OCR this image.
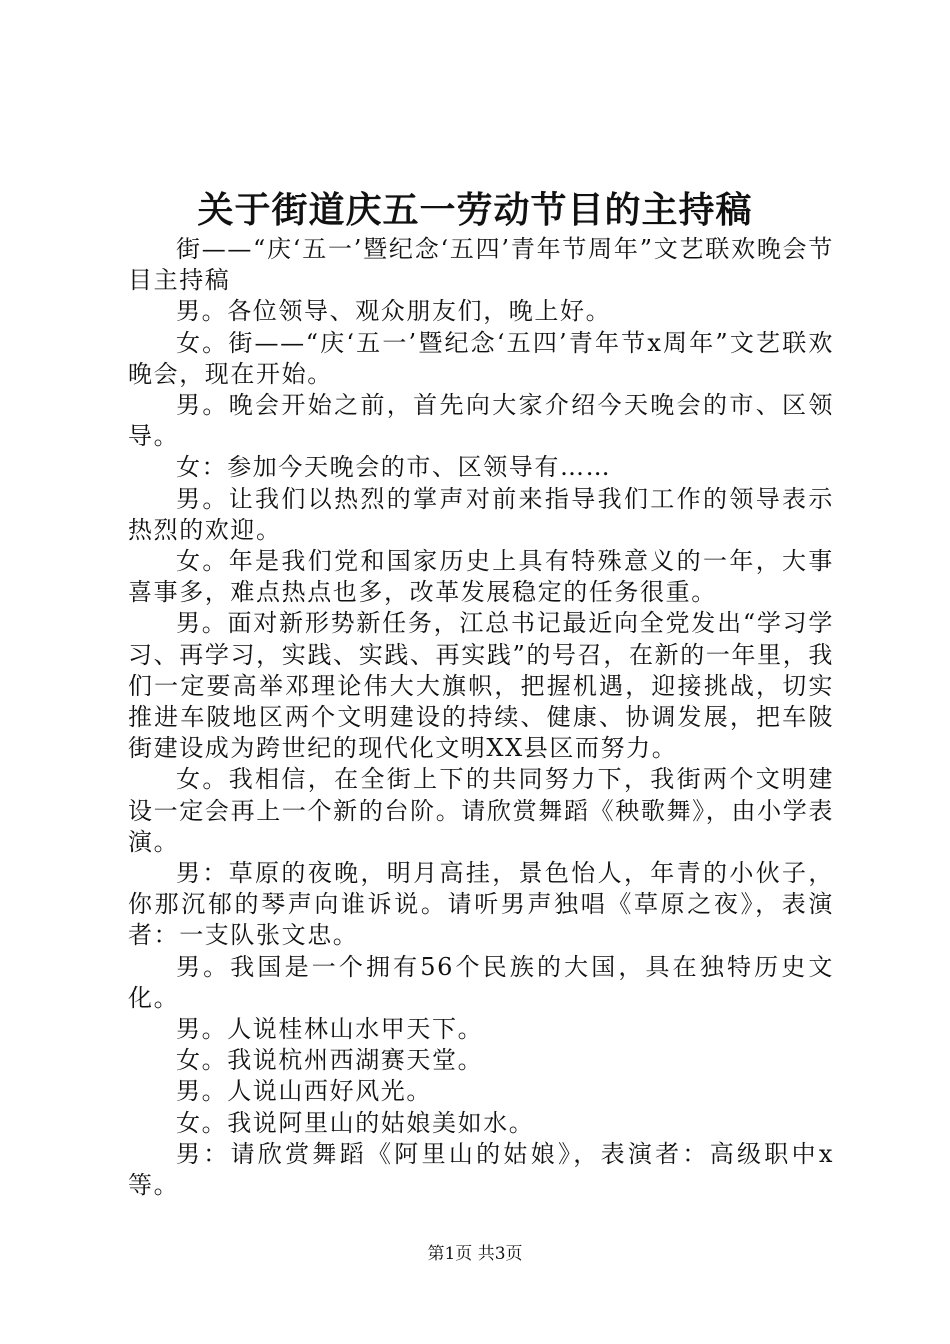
关于街道庆五一劳动节目的主持稿

街——“庆‘五一’暨纪念‘五四’青年节周年”文艺联欢晚会节目主持稿

男。各位领导、观众朋友们，晚上好。

女。街——“庆‘五一’暨纪念‘五四’青年节x周年”文艺联欢晚会，现在开始。

男。晚会开始之前，首先向大家介绍今天晚会的市、区领导。

女：参加今天晚会的市、区领导有……

男。让我们以热烈的掌声对前来指导我们工作的领导表示热烈的欢迎。

女。年是我们党和国家历史上具有特殊意义的一年，大事喜事多，难点热点也多，改革发展稳定的任务很重。

男。面对新形势新任务，江总书记最近向全党发出“学习学习、再学习，实践、实践、再实践”的号召，在新的一年里，我们一定要高举邓理论伟大大旗帜，把握机遇，迎接挑战，切实推进车陂地区两个文明建设的持续、健康、协调发展，把车陂街建设成为跨世纪的现代化文明XX县区而努力。

女。我相信，在全街上下的共同努力下，我街两个文明建设一定会再上一个新的台阶。请欣赏舞蹈《秧歌舞》，由小学表演。

男：草原的夜晚，明月高挂，景色怡人，年青的小伙子，你那沉郁的琴声向谁诉说。请听男声独唱《草原之夜》，表演者：一支队张文忠。

男。我国是一个拥有56个民族的大国，具在独特历史文化。

男。人说桂林山水甲天下。

女。我说杭州西湖赛天堂。

男。人说山西好风光。

女。我说阿里山的姑娘美如水。

男：请欣赏舞蹈《阿里山的姑娘》，表演者：高级职中x等。

第1页 共3页
